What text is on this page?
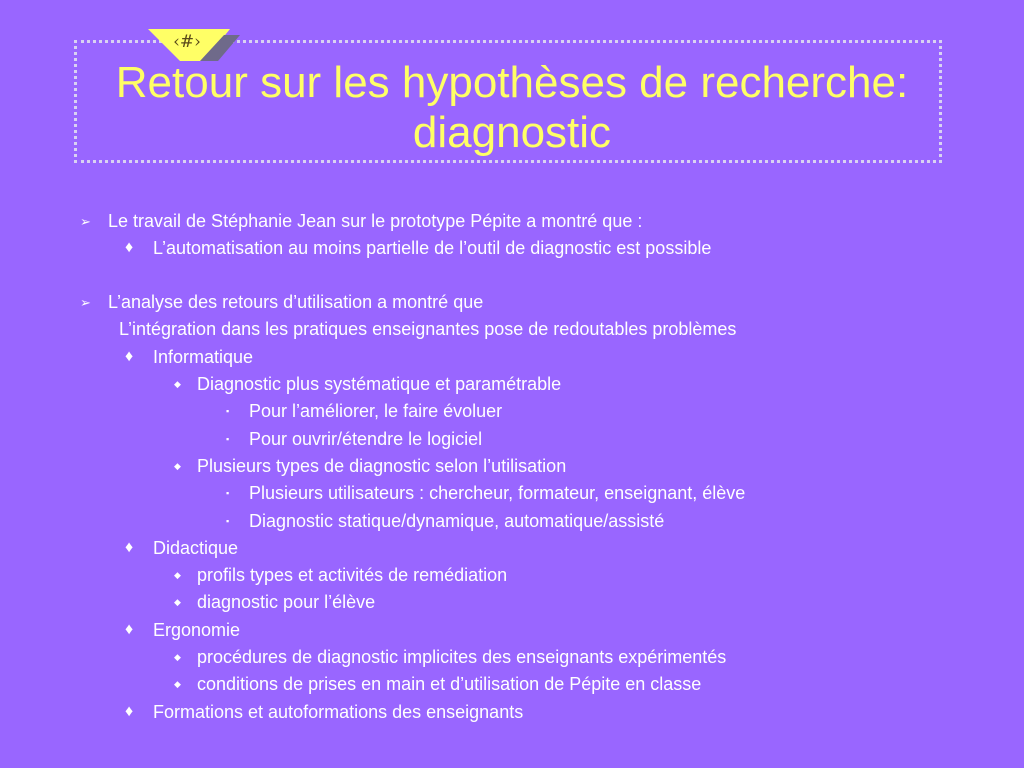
‹#›
Retour sur les hypothèses de recherche: diagnostic
➢ Le travail de Stéphanie Jean sur le prototype Pépite a montré que :
♦ L’automatisation au moins partielle de l’outil de diagnostic est possible
➢ L’analyse des retours d’utilisation a montré que
L’intégration dans les pratiques enseignantes pose de redoutables problèmes
♦ Informatique
◆ Diagnostic plus systématique et paramétrable
▪ Pour l’améliorer, le faire évoluer
▪ Pour ouvrir/étendre le logiciel
◆ Plusieurs types de diagnostic selon l’utilisation
▪ Plusieurs utilisateurs : chercheur, formateur, enseignant, élève
▪ Diagnostic statique/dynamique, automatique/assisté
♦ Didactique
◆ profils types et activités de remédiation
◆ diagnostic pour l’élève
♦ Ergonomie
◆ procédures de diagnostic implicites des enseignants expérimentés
◆ conditions de prises en main et d’utilisation de Pépite en classe
♦ Formations et autoformations des enseignants
